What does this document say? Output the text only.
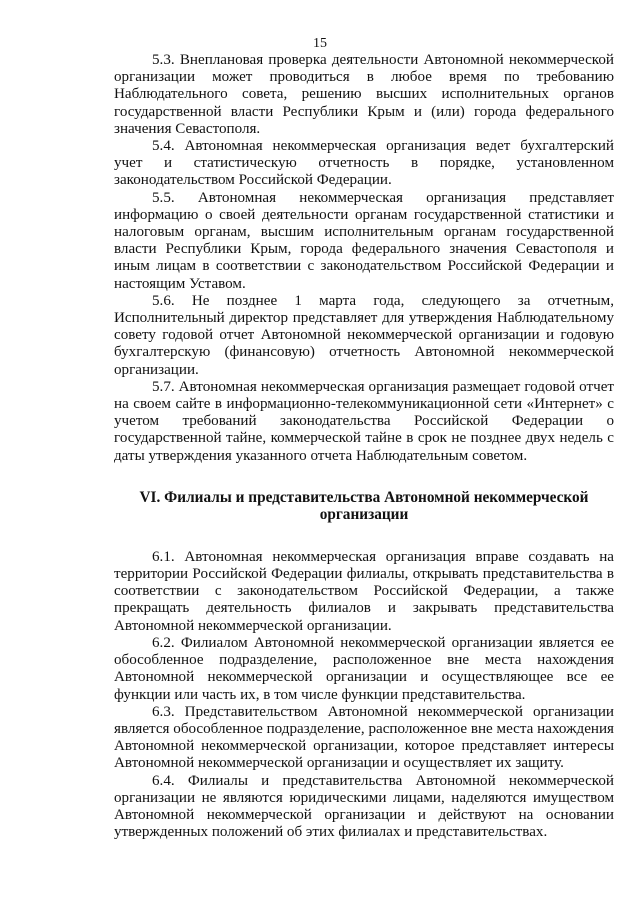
15

5.3. Внеплановая проверка деятельности Автономной некоммерческой организации может проводиться в любое время по требованию Наблюдательного совета, решению высших исполнительных органов государственной власти Республики Крым и (или) города федерального значения Севастополя.

5.4. Автономная некоммерческая организация ведет бухгалтерский учет и статистическую отчетность в порядке, установленном законодательством Российской Федерации.

5.5. Автономная некоммерческая организация представляет информацию о своей деятельности органам государственной статистики и налоговым органам, высшим исполнительным органам государственной власти Республики Крым, города федерального значения Севастополя и иным лицам в соответствии с законодательством Российской Федерации и настоящим Уставом.

5.6. Не позднее 1 марта года, следующего за отчетным, Исполнительный директор представляет для утверждения Наблюдательному совету годовой отчет Автономной некоммерческой организации и годовую бухгалтерскую (финансовую) отчетность Автономной некоммерческой организации.

5.7. Автономная некоммерческая организация размещает годовой отчет на своем сайте в информационно-телекоммуникационной сети «Интернет» с учетом требований законодательства Российской Федерации о государственной тайне, коммерческой тайне в срок не позднее двух недель с даты утверждения указанного отчета Наблюдательным советом.

VI. Филиалы и представительства Автономной некоммерческой организации

6.1. Автономная некоммерческая организация вправе создавать на территории Российской Федерации филиалы, открывать представительства в соответствии с законодательством Российской Федерации, а также прекращать деятельность филиалов и закрывать представительства Автономной некоммерческой организации.

6.2. Филиалом Автономной некоммерческой организации является ее обособленное подразделение, расположенное вне места нахождения Автономной некоммерческой организации и осуществляющее все ее функции или часть их, в том числе функции представительства.

6.3. Представительством Автономной некоммерческой организации является обособленное подразделение, расположенное вне места нахождения Автономной некоммерческой организации, которое представляет интересы Автономной некоммерческой организации и осуществляет их защиту.

6.4. Филиалы и представительства Автономной некоммерческой организации не являются юридическими лицами, наделяются имуществом Автономной некоммерческой организации и действуют на основании утвержденных положений об этих филиалах и представительствах.
